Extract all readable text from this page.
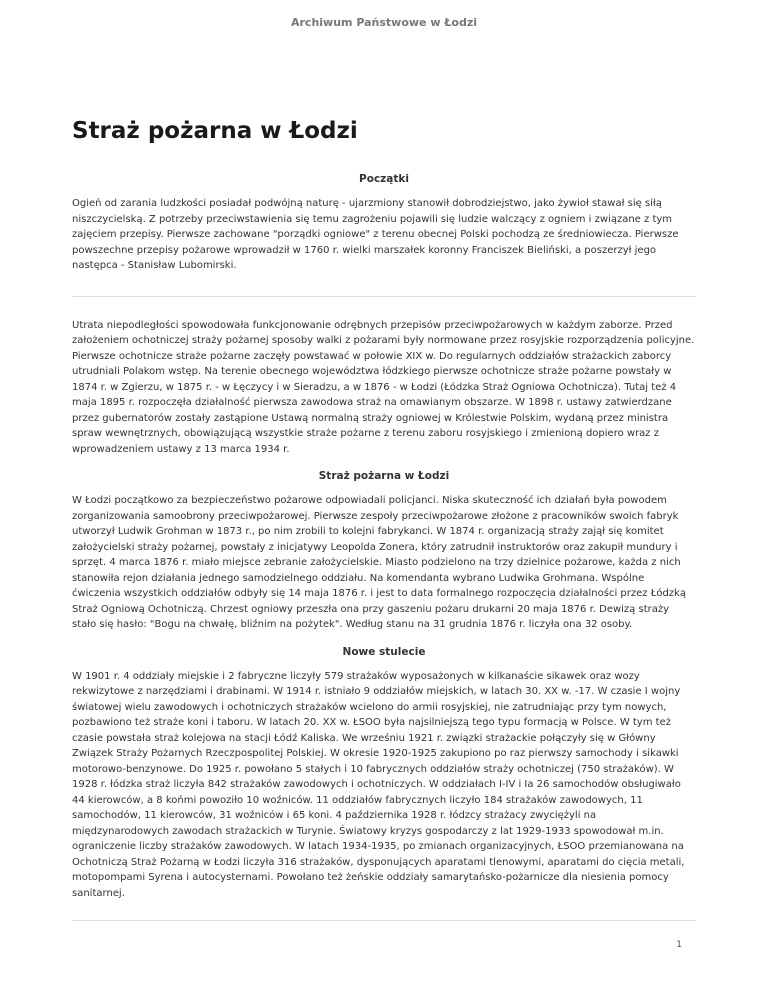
Archiwum Państwowe w Łodzi
Straż pożarna w Łodzi
Początki

Ogień od zarania ludzkości posiadał podwójną naturę - ujarzmiony stanowił dobrodziejstwo, jako żywioł stawał się siłą niszczycielską. Z potrzeby przeciwstawienia się temu zagrożeniu pojawili się ludzie walczący z ogniem i związane z tym zajęciem przepisy. Pierwsze zachowane "porządki ogniowe" z terenu obecnej Polski pochodzą ze średniowiecza. Pierwsze powszechne przepisy pożarowe wprowadził w 1760 r. wielki marszałek koronny Franciszek Bieliński, a poszerzył jego następca - Stanisław Lubomirski.

Utrata niepodległości spowodowała funkcjonowanie odrębnych przepisów przeciwpożarowych w każdym zaborze. Przed założeniem ochotniczej straży pożarnej sposoby walki z pożarami były normowane przez rosyjskie rozporządzenia policyjne. Pierwsze ochotnicze straże pożarne zaczęły powstawać w połowie XIX w. Do regularnych oddziałów strażackich zaborcy utrudniali Polakom wstęp. Na terenie obecnego województwa łódzkiego pierwsze ochotnicze straże pożarne powstały w 1874 r. w Zgierzu, w 1875 r. - w Łęczycy i w Sieradzu, a w 1876 - w Łodzi (Łódzka Straż Ogniowa Ochotnicza). Tutaj też 4 maja 1895 r. rozpoczęła działalność pierwsza zawodowa straż na omawianym obszarze. W 1898 r. ustawy zatwierdzane przez gubernatorów zostały zastąpione Ustawą normalną straży ogniowej w Królestwie Polskim, wydaną przez ministra spraw wewnętrznych, obowiązującą wszystkie straże pożarne z terenu zaboru rosyjskiego i zmienioną dopiero wraz z wprowadzeniem ustawy z 13 marca 1934 r.

Straż pożarna w Łodzi

W Łodzi początkowo za bezpieczeństwo pożarowe odpowiadali policjanci. Niska skuteczność ich działań była powodem zorganizowania samoobrony przeciwpożarowej. Pierwsze zespoły przeciwpożarowe złożone z pracowników swoich fabryk utworzył Ludwik Grohman w 1873 r., po nim zrobili to kolejni fabrykanci. W 1874 r. organizacją straży zajął się komitet założycielski straży pożarnej, powstały z inicjatywy Leopolda Zonera, który zatrudnił instruktorów oraz zakupił mundury i sprzęt. 4 marca 1876 r. miało miejsce zebranie założycielskie. Miasto podzielono na trzy dzielnice pożarowe, każda z nich stanowiła rejon działania jednego samodzielnego oddziału. Na komendanta wybrano Ludwika Grohmana. Wspólne ćwiczenia wszystkich oddziałów odbyły się 14 maja 1876 r. i jest to data formalnego rozpoczęcia działalności przez Łódzką Straż Ogniową Ochotniczą. Chrzest ogniowy przeszła ona przy gaszeniu pożaru drukarni 20 maja 1876 r. Dewizą straży stało się hasło: "Bogu na chwałę, bliźnim na pożytek". Według stanu na 31 grudnia 1876 r. liczyła ona 32 osoby.

Nowe stulecie

W 1901 r. 4 oddziały miejskie i 2 fabryczne liczyły 579 strażaków wyposażonych w kilkanaście sikawek oraz wozy rekwizytowe z narzędziami i drabinami. W 1914 r. istniało 9 oddziałów miejskich, w latach 30. XX w. -17. W czasie I wojny światowej wielu zawodowych i ochotniczych strażaków wcielono do armii rosyjskiej, nie zatrudniając przy tym nowych, pozbawiono też straże koni i taboru. W latach 20. XX w. ŁSOO była najsilniejszą tego typu formacją w Polsce. W tym też czasie powstała straż kolejowa na stacji Łódź Kaliska. We wrześniu 1921 r. związki strażackie połączyły się w Główny Związek Straży Pożarnych Rzeczpospolitej Polskiej. W okresie 1920-1925 zakupiono po raz pierwszy samochody i sikawki motorowo-benzynowe. Do 1925 r. powołano 5 stałych i 10 fabrycznych oddziałów straży ochotniczej (750 strażaków). W 1928 r. łódzka straż liczyła 842 strażaków zawodowych i ochotniczych. W oddziałach I-IV i Ia 26 samochodów obsługiwało 44 kierowców, a 8 końmi powoziło 10 woźniców. 11 oddziałów fabrycznych liczyło 184 strażaków zawodowych, 11 samochodów, 11 kierowców, 31 woźniców i 65 koni. 4 października 1928 r. łódzcy strażacy zwyciężyli na międzynarodowych zawodach strażackich w Turynie. Światowy kryzys gospodarczy z lat 1929-1933 spowodował m.in. ograniczenie liczby strażaków zawodowych. W latach 1934-1935, po zmianach organizacyjnych, ŁSOO przemianowana na Ochotniczą Straż Pożarną w Łodzi liczyła 316 strażaków, dysponujących aparatami tlenowymi, aparatami do cięcia metali, motopompami Syrena i autocysternami. Powołano też żeńskie oddziały samarytańsko-pożarnicze dla niesienia pomocy sanitarnej.

1
